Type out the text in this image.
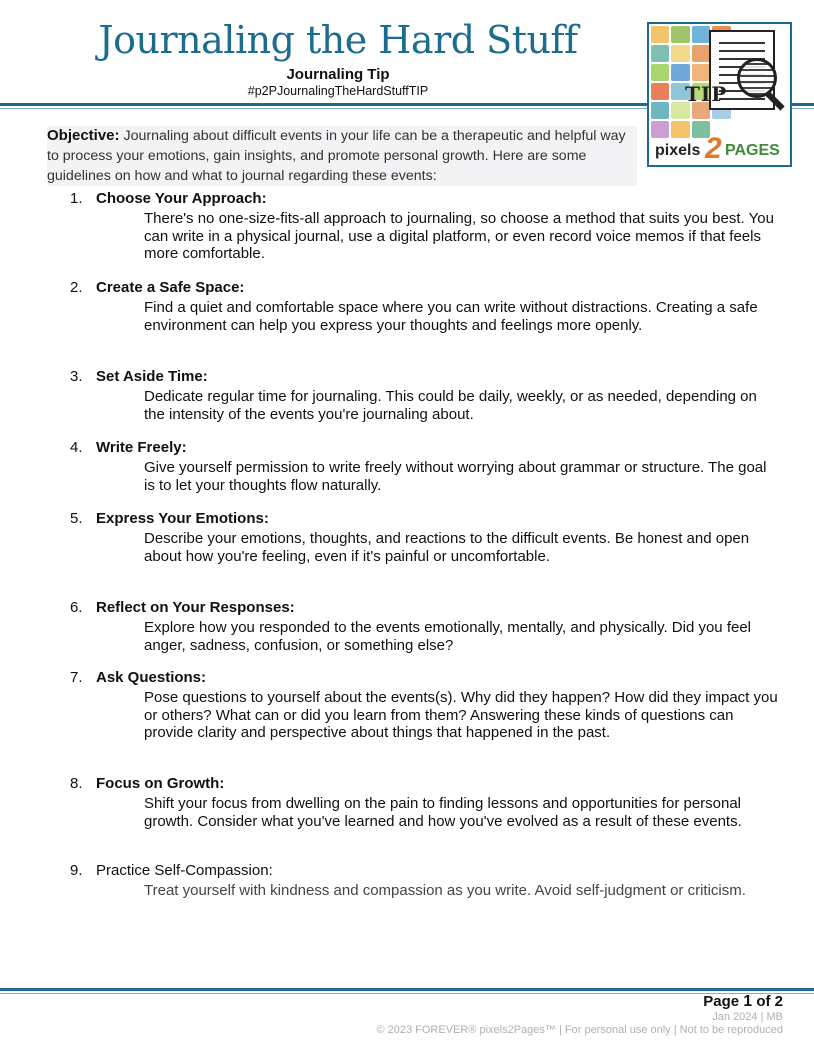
Journaling the Hard Stuff
Journaling Tip
#p2PJournalingTheHardStuffTIP	TIP
pixels 2 PAGES
Objective: Journaling about difficult events in your life can be a therapeutic and helpful way to process your emotions, gain insights, and promote personal growth. Here are some guidelines on how and what to journal regarding these events:
1. Choose Your Approach:
There's no one-size-fits-all approach to journaling, so choose a method that suits you best. You can write in a physical journal, use a digital platform, or even record voice memos if that feels more comfortable.
2. Create a Safe Space:
Find a quiet and comfortable space where you can write without distractions. Creating a safe environment can help you express your thoughts and feelings more openly.
3. Set Aside Time:
Dedicate regular time for journaling. This could be daily, weekly, or as needed, depending on the intensity of the events you're journaling about.
4. Write Freely:
Give yourself permission to write freely without worrying about grammar or structure. The goal is to let your thoughts flow naturally.
5. Express Your Emotions:
Describe your emotions, thoughts, and reactions to the difficult events. Be honest and open about how you're feeling, even if it's painful or uncomfortable.
6. Reflect on Your Responses:
Explore how you responded to the events emotionally, mentally, and physically. Did you feel anger, sadness, confusion, or something else?
7. Ask Questions:
Pose questions to yourself about the events(s). Why did they happen? How did they impact you or others? What can or did you learn from them? Answering these kinds of questions can provide clarity and perspective about things that happened in the past.
8. Focus on Growth:
Shift your focus from dwelling on the pain to finding lessons and opportunities for personal growth. Consider what you've learned and how you've evolved as a result of these events.
9. Practice Self-Compassion:
Treat yourself with kindness and compassion as you write. Avoid self-judgment or criticism.
Page 1 of 2
Jan 2024 | MB
© 2023 FOREVER® pixels2Pages™ | For personal use only | Not to be reproduced
